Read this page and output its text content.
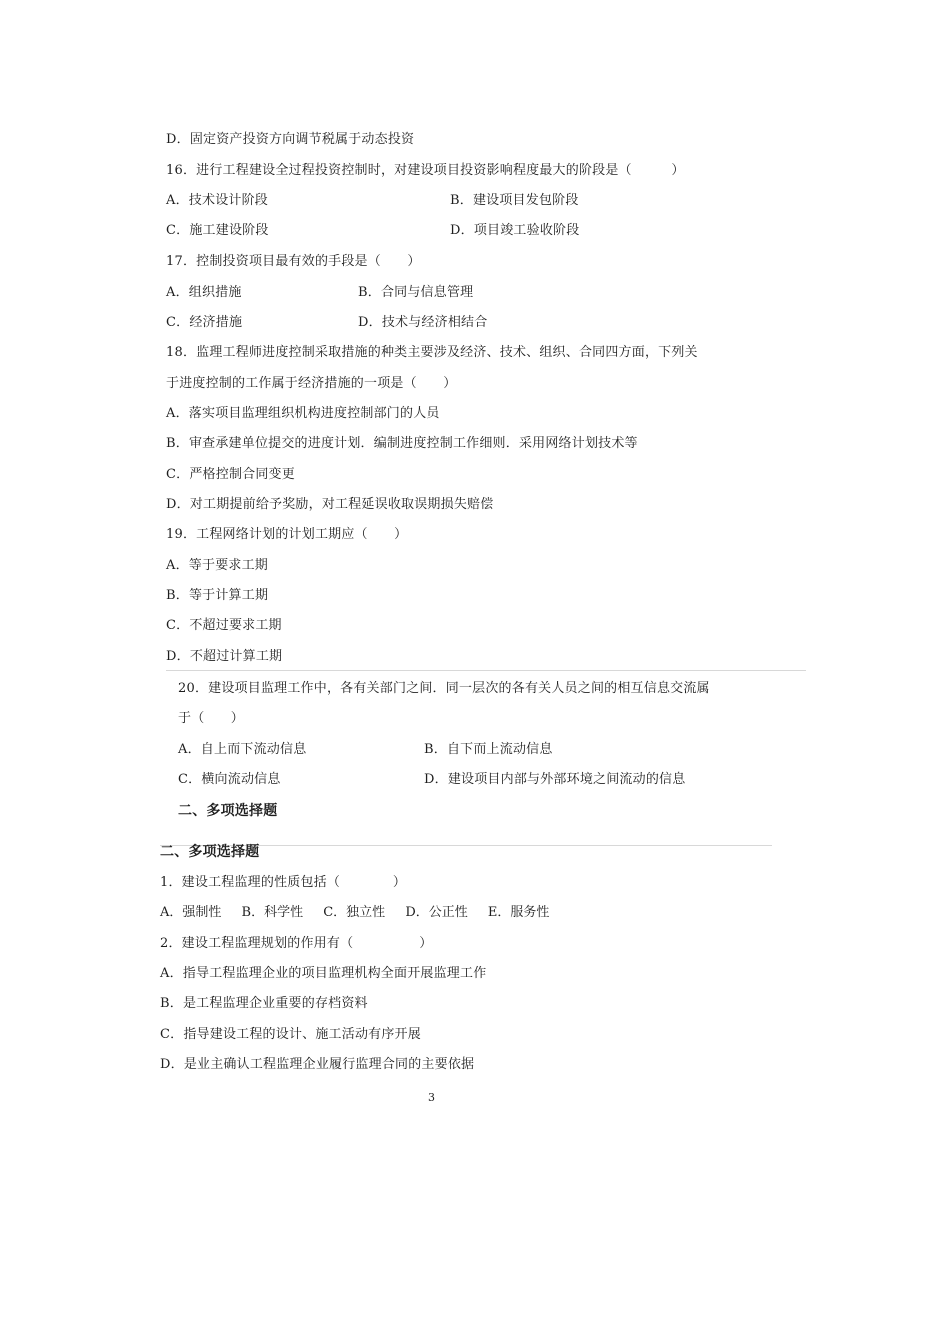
D．固定资产投资方向调节税属于动态投资
16．进行工程建设全过程投资控制时，对建设项目投资影响程度最大的阶段是（　　　）
A．技术设计阶段	B．建设项目发包阶段
C．施工建设阶段	D．项目竣工验收阶段
17．控制投资项目最有效的手段是（　　）
A．组织措施	B．合同与信息管理
C．经济措施	D．技术与经济相结合
18．监理工程师进度控制采取措施的种类主要涉及经济、技术、组织、合同四方面，下列关
于进度控制的工作属于经济措施的一项是（　　）
A．落实项目监理组织机构进度控制部门的人员
B．审查承建单位提交的进度计划．编制进度控制工作细则．采用网络计划技术等
C．严格控制合同变更
D．对工期提前给予奖励，对工程延误收取误期损失赔偿
19．工程网络计划的计划工期应（　　）
A．等于要求工期
B．等于计算工期
C．不超过要求工期
D．不超过计算工期
20．建设项目监理工作中，各有关部门之间．同一层次的各有关人员之间的相互信息交流属
于（　　）
A．自上而下流动信息	B．自下而上流动信息
C．横向流动信息	D．建设项目内部与外部环境之间流动的信息
二、多项选择题
二、多项选择题
1．建设工程监理的性质包括（　　　　）
A．强制性 B．科学性 C．独立性 D．公正性 E．服务性
2．建设工程监理规划的作用有（　　　　　）
A．指导工程监理企业的项目监理机构全面开展监理工作
B．是工程监理企业重要的存档资料
C．指导建设工程的设计、施工活动有序开展
D．是业主确认工程监理企业履行监理合同的主要依据
3
